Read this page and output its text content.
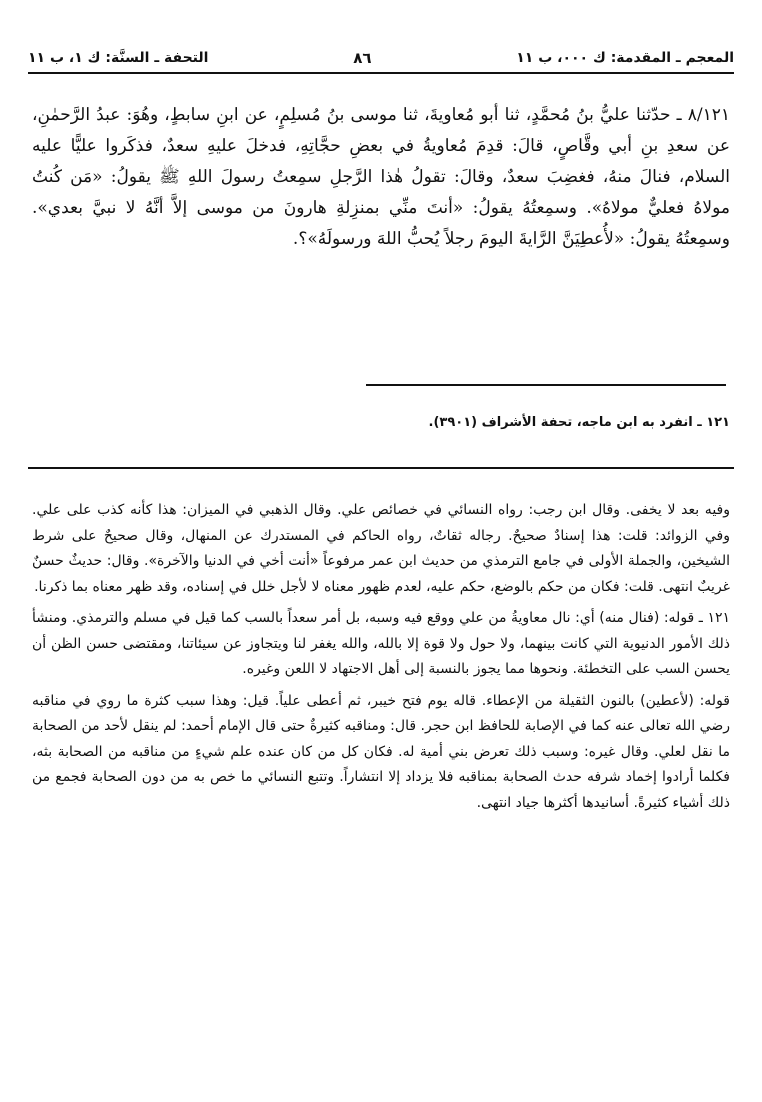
المعجم ـ المقدمة: ك ٠٠٠، ب ١١
٨٦
التحفة ـ السنَّة: ك ١، ب ١١
٨/١٢١ ـ حدّثنا عليُّ بنُ مُحمَّدٍ، ثنا أبو مُعاويةَ، ثنا موسى بنُ مُسلِمٍ، عن ابنِ سابطٍ، وهُوَ: عبدُ الرَّحمٰنِ، عن سعدِ بنِ أبي وقَّاصٍ، قالَ: قدِمَ مُعاويةُ في بعضِ حجَّاتِهِ، فدخلَ عليهِ سعدٌ، فذكَروا عليًّا عليه السلام، فنالَ منهُ، فغضِبَ سعدٌ، وقالَ: تقولُ هٰذا الرَّجلِ سمِعتُ رسولَ اللهِ ﷺ يقولُ: «مَن كُنتُ مولاهُ فعليٌّ مولاهُ». وسمِعتُهُ يقولُ: «أنتَ منِّي بمنزِلةِ هارونَ من موسى إلاَّ أنَّهُ لا نبيَّ بعدي». وسمِعتُهُ يقولُ: «لأُعطِيَنَّ الرَّايةَ اليومَ رجلاً يُحبُّ اللهَ ورسولَهُ»؟.
١٢١ ـ انفرد به ابن ماجه، تحفة الأشراف (٣٩٠١).

وفيه بعد لا يخفى. وقال ابن رجب: رواه النسائي في خصائص علي. وقال الذهبي في الميزان: هذا كأنه كذب على علي. وفي الزوائد: قلت: هذا إسنادٌ صحيحٌ. رجاله ثقاتٌ، رواه الحاكم في المستدرك عن المنهال، وقال صحيحٌ على شرط الشيخين، والجملة الأولى في جامع الترمذي من حديث ابن عمر مرفوعاً «أنت أخي في الدنيا والآخرة». وقال: حديثٌ حسنٌ غريبٌ انتهى. قلت: فكان من حكم بالوضع، حكم عليه، لعدم ظهور معناه لا لأجل خلل في إسناده، وقد ظهر معناه بما ذكرنا.

١٢١ ـ قوله: (فنال منه) أي: نال معاويةُ من علي ووقع فيه وسبه، بل أمر سعداً بالسب كما قيل في مسلم والترمذي. ومنشأ ذلك الأمور الدنيوية التي كانت بينهما، ولا حول ولا قوة إلا بالله، والله يغفر لنا ويتجاوز عن سيئاتنا، ومقتضى حسن الظن أن يحسن السب على التخطئة. ونحوها مما يجوز بالنسبة إلى أهل الاجتهاد لا اللعن وغيره.

قوله: (لأعطين) بالنون الثقيلة من الإعطاء. قاله يوم فتح خيبر، ثم أعطى علياً. قيل: وهذا سبب كثرة ما روي في مناقبه رضي الله تعالى عنه كما في الإصابة للحافظ ابن حجر. قال: ومناقبه كثيرةٌ حتى قال الإمام أحمد: لم ينقل لأحد من الصحابة ما نقل لعلي. وقال غيره: وسبب ذلك تعرض بني أمية له. فكان كل من كان عنده علم شيءٍ من مناقبه من الصحابة بثه، فكلما أرادوا إخماد شرفه حدث الصحابة بمناقبه فلا يزداد إلا انتشاراً. وتتبع النسائي ما خص به من دون الصحابة فجمع من ذلك أشياء كثيرةً. أسانيدها أكثرها جياد انتهى.
